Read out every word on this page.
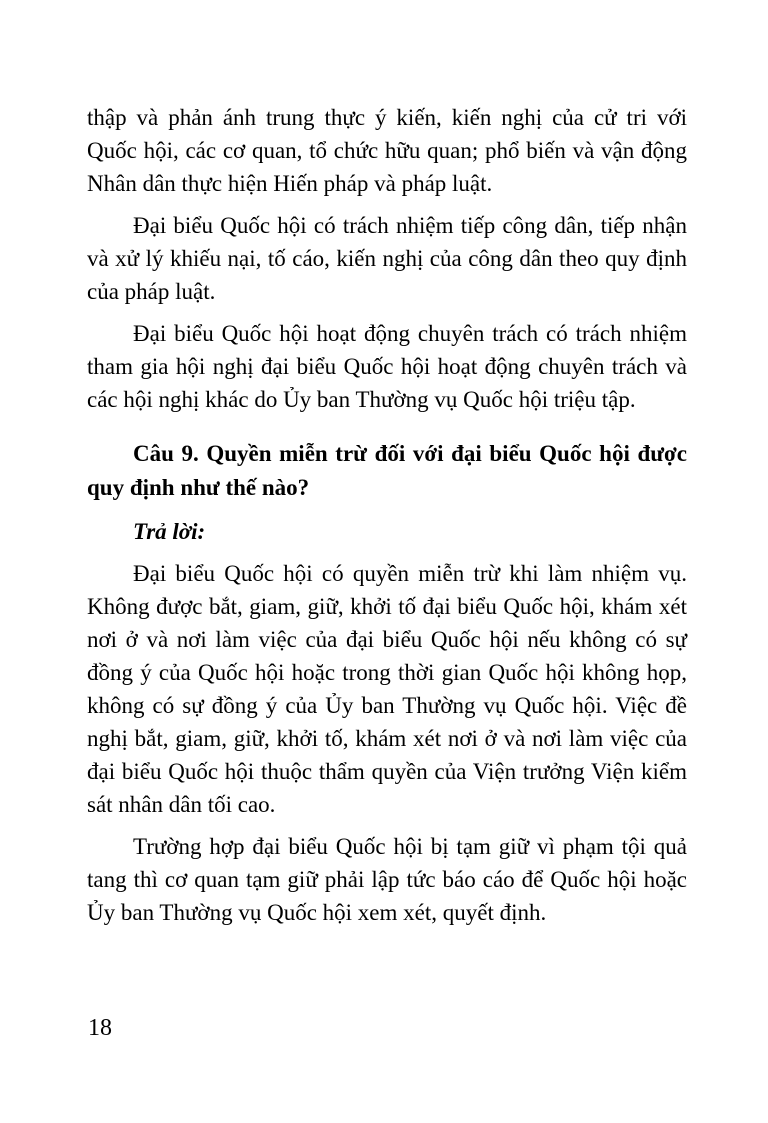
thập và phản ánh trung thực ý kiến, kiến nghị của cử tri với Quốc hội, các cơ quan, tổ chức hữu quan; phổ biến và vận động Nhân dân thực hiện Hiến pháp và pháp luật.

Đại biểu Quốc hội có trách nhiệm tiếp công dân, tiếp nhận và xử lý khiếu nại, tố cáo, kiến nghị của công dân theo quy định của pháp luật.

Đại biểu Quốc hội hoạt động chuyên trách có trách nhiệm tham gia hội nghị đại biểu Quốc hội hoạt động chuyên trách và các hội nghị khác do Ủy ban Thường vụ Quốc hội triệu tập.

Câu 9. Quyền miễn trừ đối với đại biểu Quốc hội được quy định như thế nào?

Trả lời:

Đại biểu Quốc hội có quyền miễn trừ khi làm nhiệm vụ. Không được bắt, giam, giữ, khởi tố đại biểu Quốc hội, khám xét nơi ở và nơi làm việc của đại biểu Quốc hội nếu không có sự đồng ý của Quốc hội hoặc trong thời gian Quốc hội không họp, không có sự đồng ý của Ủy ban Thường vụ Quốc hội. Việc đề nghị bắt, giam, giữ, khởi tố, khám xét nơi ở và nơi làm việc của đại biểu Quốc hội thuộc thẩm quyền của Viện trưởng Viện kiểm sát nhân dân tối cao.

Trường hợp đại biểu Quốc hội bị tạm giữ vì phạm tội quả tang thì cơ quan tạm giữ phải lập tức báo cáo để Quốc hội hoặc Ủy ban Thường vụ Quốc hội xem xét, quyết định.

18
